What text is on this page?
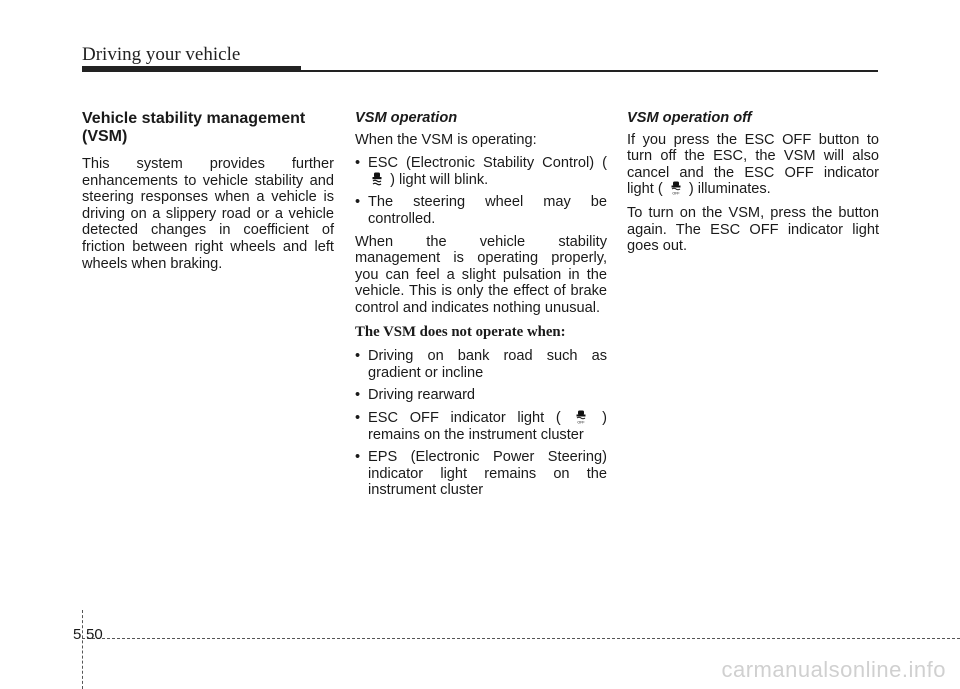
Driving your vehicle
Vehicle stability management (VSM)

This system provides further enhancements to vehicle stability and steering responses when a vehicle is driving on a slippery road or a vehicle detected changes in coefficient of friction between right wheels and left wheels when braking.

VSM operation

When the VSM is operating:

• ESC (Electronic Stability Control) (  ) light will blink.
• The steering wheel may be controlled.

When the vehicle stability management is operating properly, you can feel a slight pulsation in the vehicle. This is only the effect of brake control and indicates nothing unusual.

The VSM does not operate when:
• Driving on bank road such as gradient or incline
• Driving rearward
• ESC OFF indicator light (	OFF ) remains on the instrument cluster
• EPS (Electronic Power Steering) indicator light remains on the instrument cluster
VSM operation off

If you press the ESC OFF button to turn off the ESC, the VSM will also cancel and the ESC OFF indicator light (	OFF ) illuminates.

To turn on the VSM, press the button again. The ESC OFF indicator light goes out.

5 50
carmanualsonline.info
